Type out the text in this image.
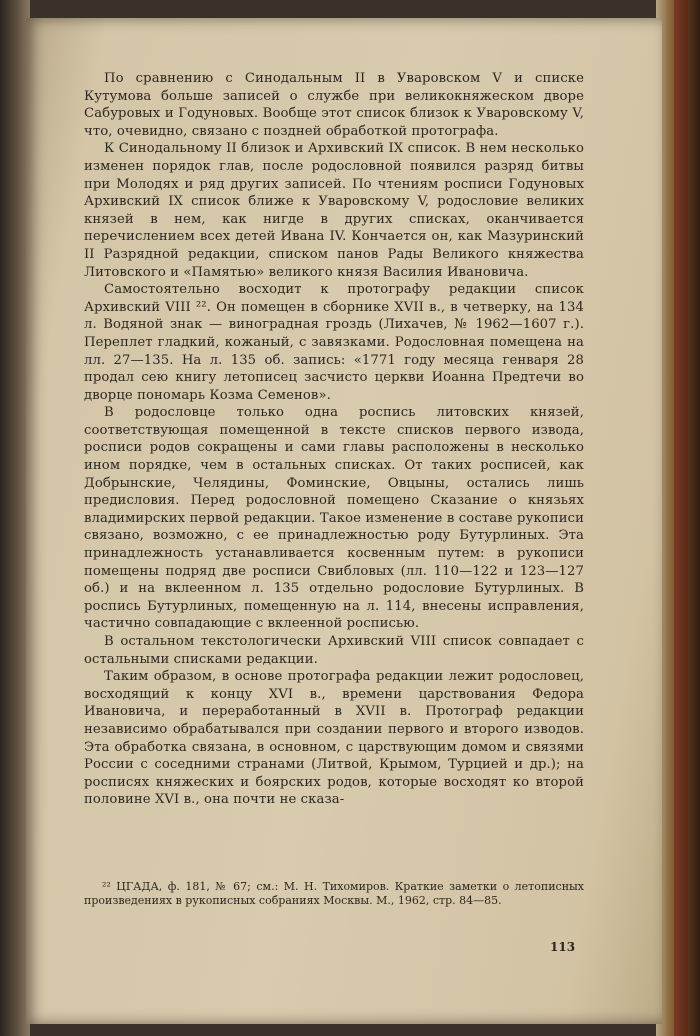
По сравнению с Синодальным II в Уваровском V и списке Кутумова больше записей о службе при великокняжеском дворе Сабуровых и Годуновых. Вообще этот список близок к Уваровскому V, что, очевидно, связано с поздней обработкой протографа.

К Синодальному II близок и Архивский IX список. В нем несколько изменен порядок глав, после родословной появился разряд битвы при Молодях и ряд других записей. По чтениям росписи Годуновых Архивский IX список ближе к Уваровскому V, родословие великих князей в нем, как нигде в других списках, оканчивается перечислением всех детей Ивана IV. Кончается он, как Мазуринский II Разрядной редакции, списком панов Рады Великого княжества Литовского и «Памятью» великого князя Василия Ивановича.

Самостоятельно восходит к протографу редакции список Архивский VIII ²². Он помещен в сборнике XVII в., в четверку, на 134 л. Водяной знак — виноградная гроздь (Лихачев, № 1962—1607 г.). Переплет гладкий, кожаный, с завязками. Родословная помещена на лл. 27—135. На л. 135 об. запись: «1771 году месяца генваря 28 продал сею книгу летописец засчисто церкви Иоанна Предтечи во дворце пономарь Козма Семенов».

В родословце только одна роспись литовских князей, соответствующая помещенной в тексте списков первого извода, росписи родов сокращены и сами главы расположены в несколько ином порядке, чем в остальных списках. От таких росписей, как Добрынские, Челядины, Фоминские, Овцыны, остались лишь предисловия. Перед родословной помещено Сказание о князьях владимирских первой редакции. Такое изменение в составе рукописи связано, возможно, с ее принадлежностью роду Бутурлиных. Эта принадлежность устанавливается косвенным путем: в рукописи помещены подряд две росписи Свибловых (лл. 110—122 и 123—127 об.) и на вклеенном л. 135 отдельно родословие Бутурлиных. В роспись Бутурлиных, помещенную на л. 114, внесены исправления, частично совпадающие с вклеенной росписью.

В остальном текстологически Архивский VIII список совпадает с остальными списками редакции.

Таким образом, в основе протографа редакции лежит родословец, восходящий к концу XVI в., времени царствования Федора Ивановича, и переработанный в XVII в. Протограф редакции независимо обрабатывался при создании первого и второго изводов. Эта обработка связана, в основном, с царствующим домом и связями России с соседними странами (Литвой, Крымом, Турцией и др.); на росписях княжеских и боярских родов, которые восходят ко второй половине XVI в., она почти не сказа-

²² ЦГАДА, ф. 181, № 67; см.: М. Н. Тихомиров. Краткие заметки о летописных произведениях в рукописных собраниях Москвы. М., 1962, стр. 84—85.

113
